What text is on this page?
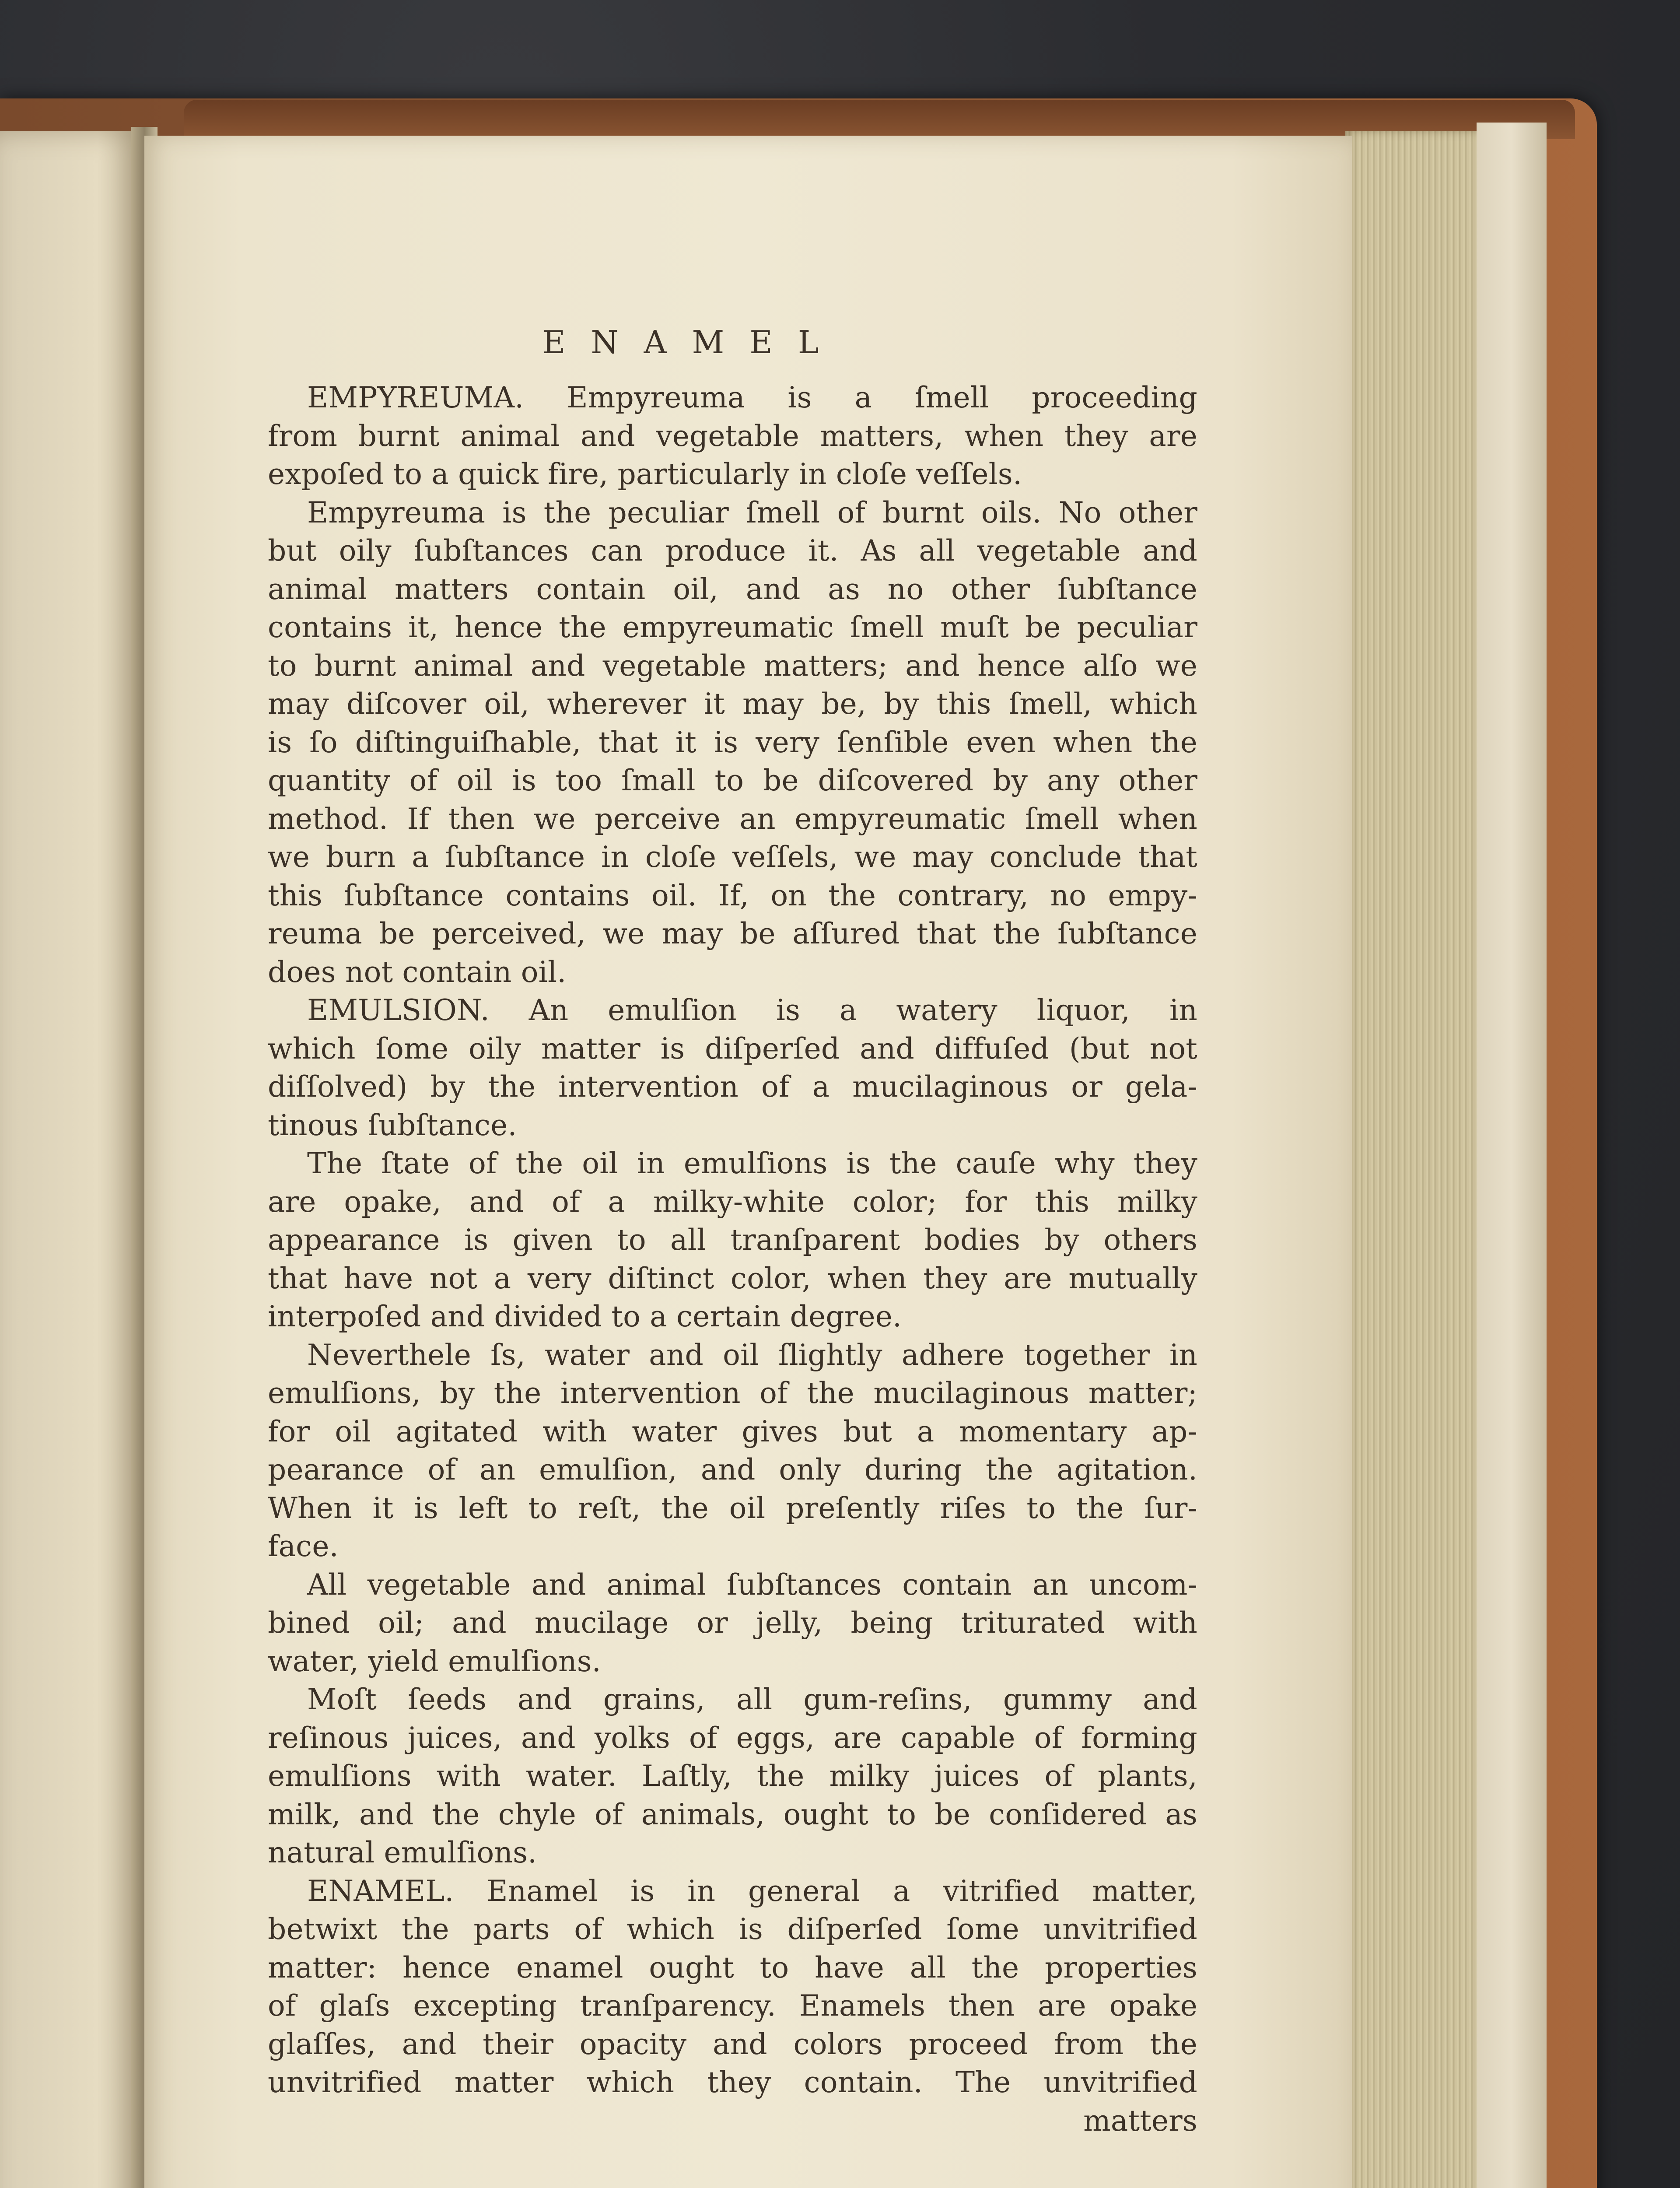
ENAMEL
EMPYREUMA. Empyreuma is a ſmell proceeding
from burnt animal and vegetable matters, when they are
expoſed to a quick fire, particularly in cloſe veſſels.
Empyreuma is the peculiar ſmell of burnt oils. No other
but oily ſubſtances can produce it. As all vegetable and
animal matters contain oil, and as no other ſubſtance
contains it, hence the empyreumatic ſmell muſt be peculiar
to burnt animal and vegetable matters; and hence alſo we
may diſcover oil, wherever it may be, by this ſmell, which
is ſo diſtinguiſhable, that it is very ſenſible even when the
quantity of oil is too ſmall to be diſcovered by any other
method. If then we perceive an empyreumatic ſmell when
we burn a ſubſtance in cloſe veſſels, we may conclude that
this ſubſtance contains oil. If, on the contrary, no empy-
reuma be perceived, we may be aſſured that the ſubſtance
does not contain oil.
EMULSION. An emulſion is a watery liquor, in
which ſome oily matter is diſperſed and diffuſed (but not
diſſolved) by the intervention of a mucilaginous or gela-
tinous ſubſtance.
The ſtate of the oil in emulſions is the cauſe why they
are opake, and of a milky-white color; for this milky
appearance is given to all tranſparent bodies by others
that have not a very diſtinct color, when they are mutually
interpoſed and divided to a certain degree.
Neverthele ſs, water and oil ſlightly adhere together in
emulſions, by the intervention of the mucilaginous matter;
for oil agitated with water gives but a momentary ap-
pearance of an emulſion, and only during the agitation.
When it is left to reſt, the oil preſently riſes to the ſur-
face.
All vegetable and animal ſubſtances contain an uncom-
bined oil; and mucilage or jelly, being triturated with
water, yield emulſions.
Moſt ſeeds and grains, all gum-reſins, gummy and
reſinous juices, and yolks of eggs, are capable of forming
emulſions with water. Laſtly, the milky juices of plants,
milk, and the chyle of animals, ought to be conſidered as
natural emulſions.
ENAMEL. Enamel is in general a vitrified matter,
betwixt the parts of which is diſperſed ſome unvitrified
matter: hence enamel ought to have all the properties
of glaſs excepting tranſparency. Enamels then are opake
glaſſes, and their opacity and colors proceed from the
unvitrified matter which they contain. The unvitrified
matters
